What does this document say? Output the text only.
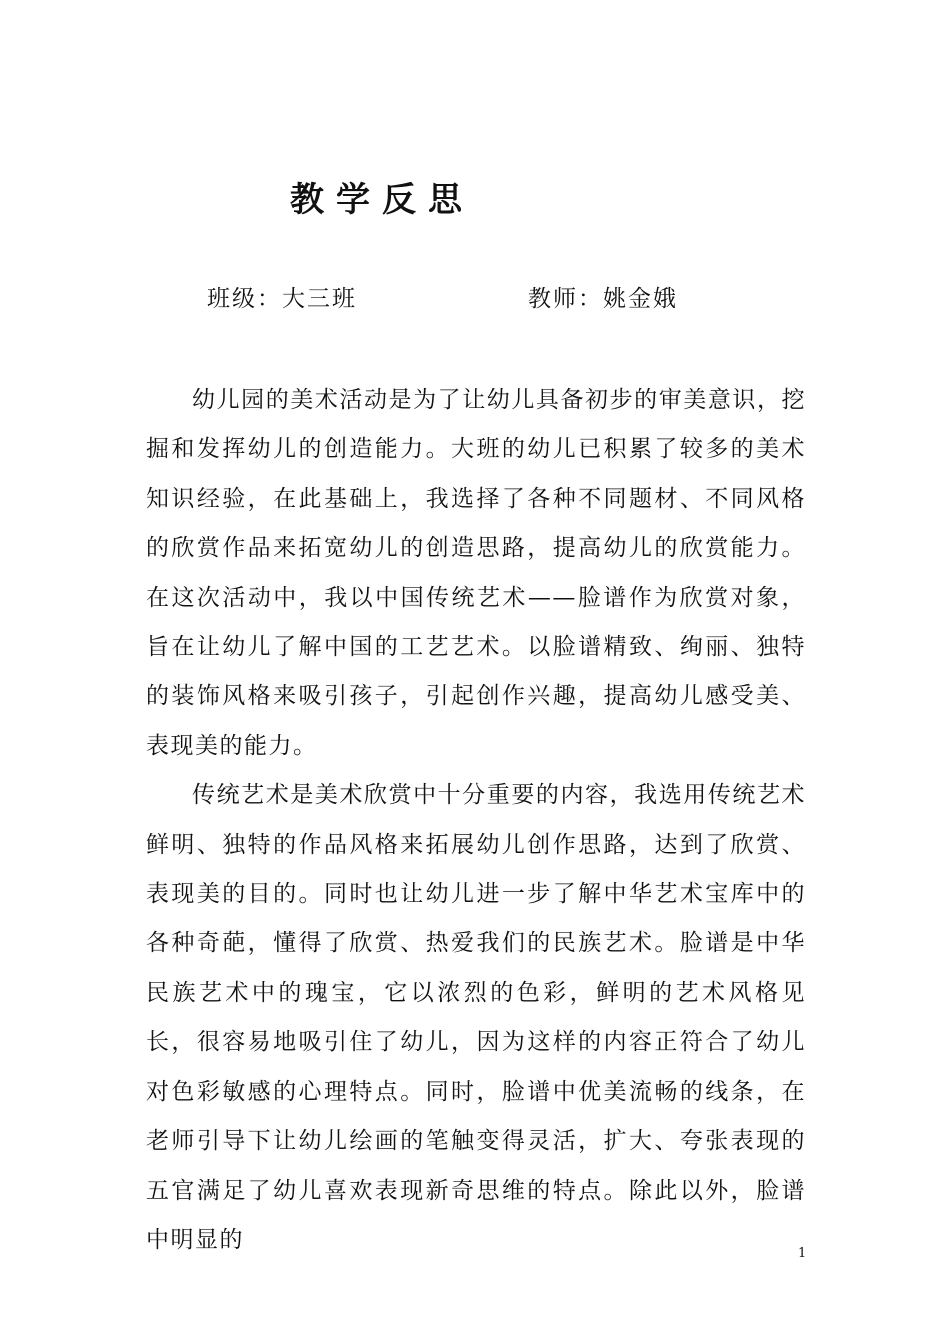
教学反思
班级：大三班	教师：姚金娥

幼儿园的美术活动是为了让幼儿具备初步的审美意识，挖掘和发挥幼儿的创造能力。大班的幼儿已积累了较多的美术知识经验，在此基础上，我选择了各种不同题材、不同风格的欣赏作品来拓宽幼儿的创造思路，提高幼儿的欣赏能力。在这次活动中，我以中国传统艺术——脸谱作为欣赏对象，旨在让幼儿了解中国的工艺艺术。以脸谱精致、绚丽、独特的装饰风格来吸引孩子，引起创作兴趣，提高幼儿感受美、表现美的能力。

传统艺术是美术欣赏中十分重要的内容，我选用传统艺术鲜明、独特的作品风格来拓展幼儿创作思路，达到了欣赏、表现美的目的。同时也让幼儿进一步了解中华艺术宝库中的各种奇葩，懂得了欣赏、热爱我们的民族艺术。脸谱是中华民族艺术中的瑰宝，它以浓烈的色彩，鲜明的艺术风格见长，很容易地吸引住了幼儿，因为这样的内容正符合了幼儿对色彩敏感的心理特点。同时，脸谱中优美流畅的线条，在老师引导下让幼儿绘画的笔触变得灵活，扩大、夸张表现的五官满足了幼儿喜欢表现新奇思维的特点。除此以外，脸谱中明显的

1
